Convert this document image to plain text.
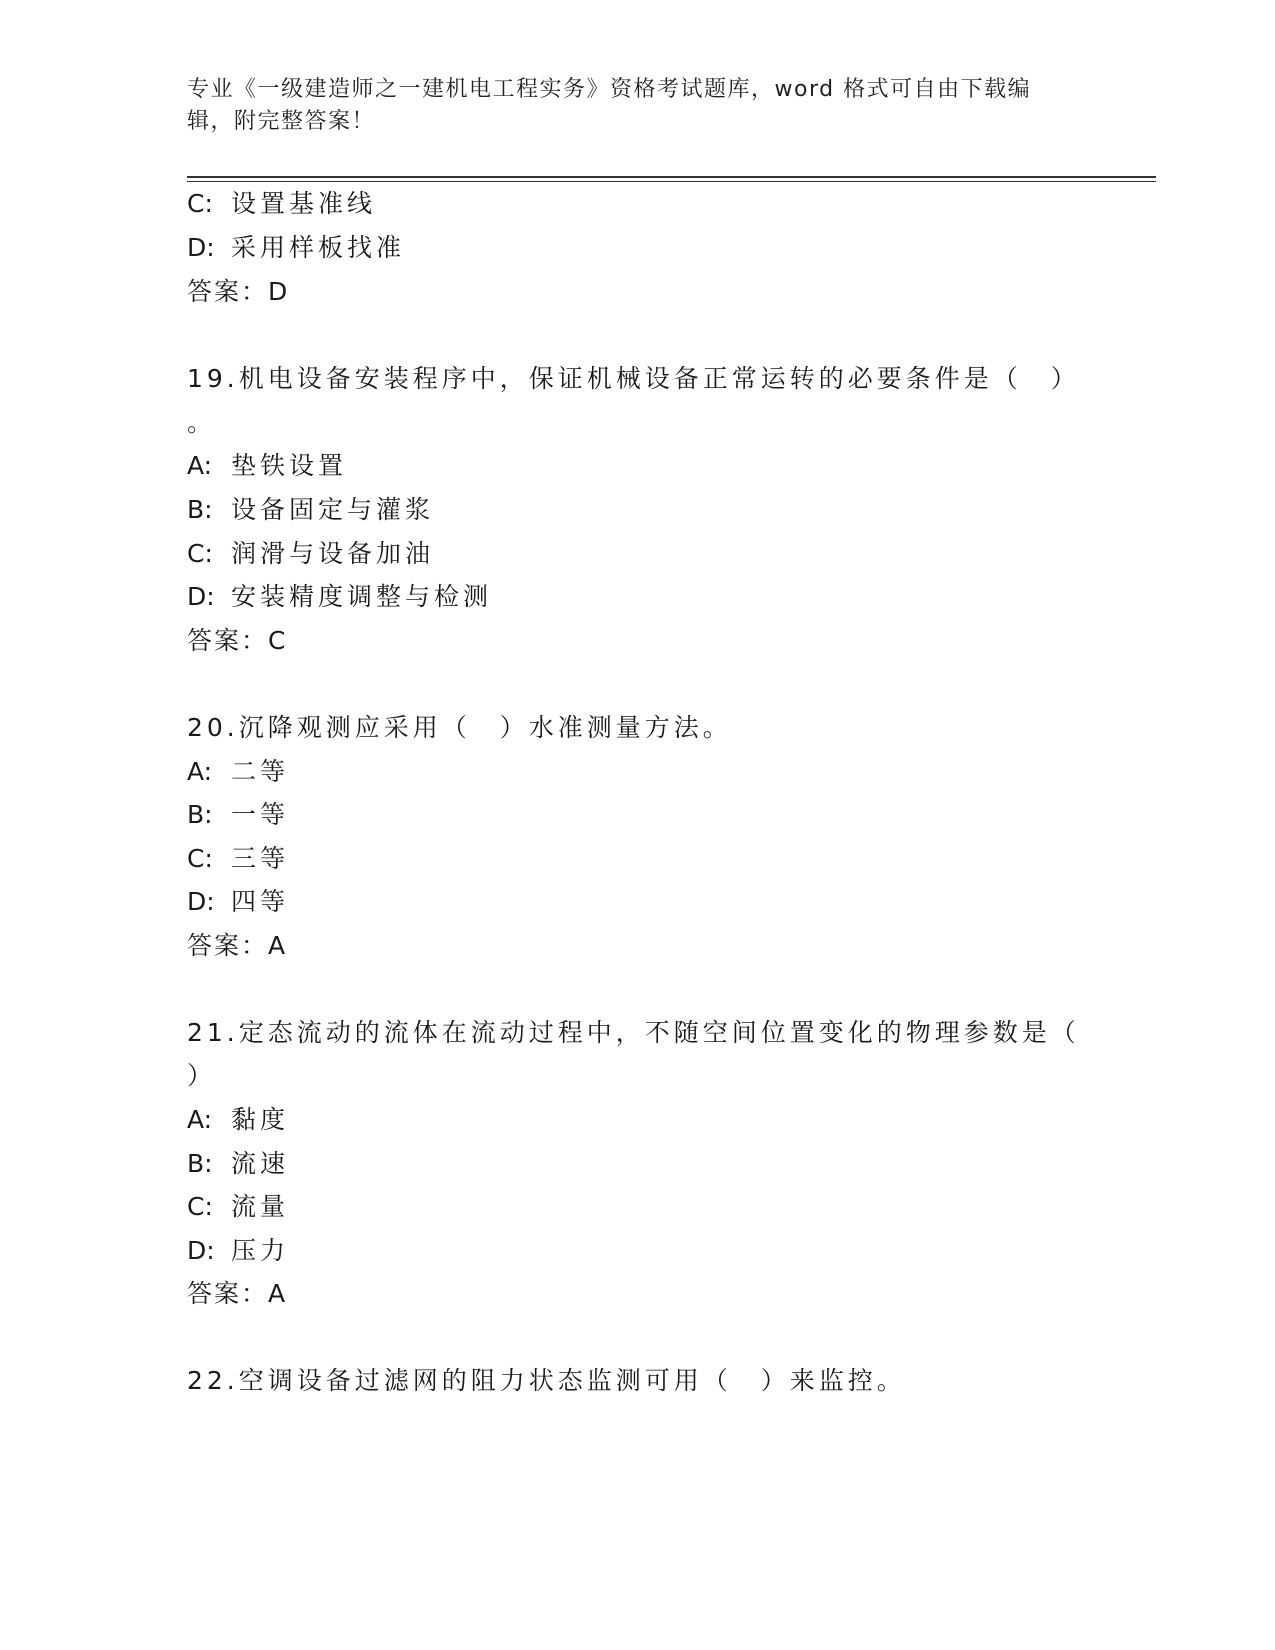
专业《一级建造师之一建机电工程实务》资格考试题库，word 格式可自由下载编
辑，附完整答案！
C: 设置基准线
D: 采用样板找准
答案：D
19.机电设备安装程序中，保证机械设备正常运转的必要条件是（　）
。
A: 垫铁设置
B: 设备固定与灌浆
C: 润滑与设备加油
D: 安装精度调整与检测
答案：C
20.沉降观测应采用（　）水准测量方法。
A: 二等
B: 一等
C: 三等
D: 四等
答案：A
21.定态流动的流体在流动过程中，不随空间位置变化的物理参数是（
）
A: 黏度
B: 流速
C: 流量
D: 压力
答案：A
22.空调设备过滤网的阻力状态监测可用（　）来监控。
